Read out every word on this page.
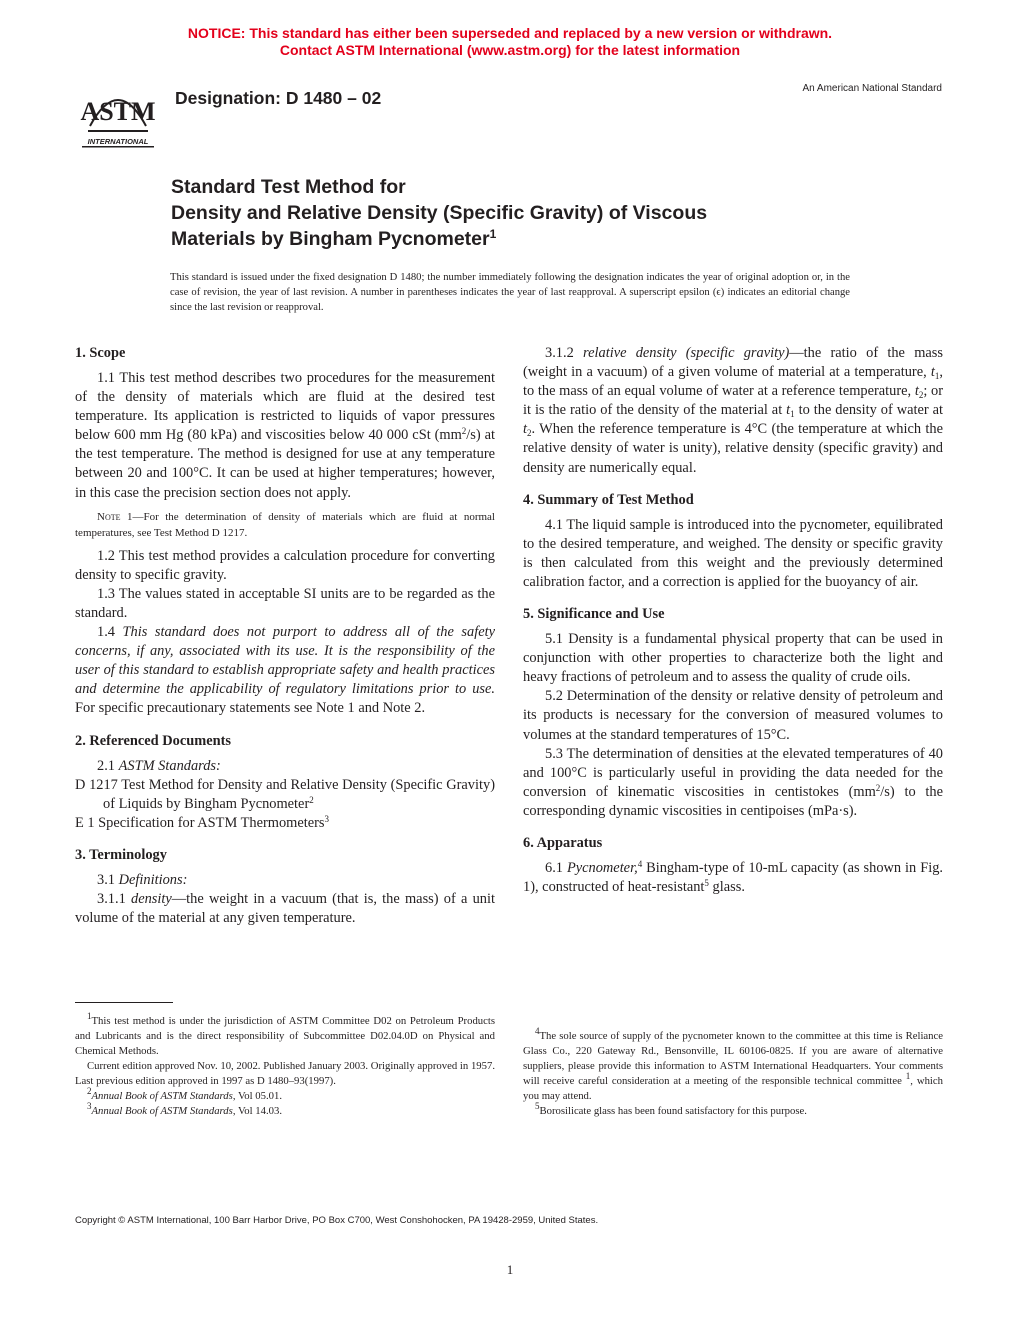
NOTICE: This standard has either been superseded and replaced by a new version or withdrawn.
Contact ASTM International (www.astm.org) for the latest information
ASTM
INTERNATIONAL
Designation: D 1480 – 02	An American National Standard
Standard Test Method for
Density and Relative Density (Specific Gravity) of Viscous
Materials by Bingham Pycnometer$^1$
This standard is issued under the fixed designation D 1480; the number immediately following the designation indicates the year of original adoption or, in the case of revision, the year of last revision. A number in parentheses indicates the year of last reapproval. A superscript epsilon (ϵ) indicates an editorial change since the last revision or reapproval.
1. Scope

1.1 This test method describes two procedures for the measurement of the density of materials which are fluid at the desired test temperature. Its application is restricted to liquids of vapor pressures below 600 mm Hg (80 kPa) and viscosities below 40 000 cSt $(mm^2/s)$ at the test temperature. The method is designed for use at any temperature between 20 and 100°C. It can be used at higher temperatures; however, in this case the precision section does not apply.

Note 1—For the determination of density of materials which are fluid at normal temperatures, see Test Method D 1217.

1.2 This test method provides a calculation procedure for converting density to specific gravity.

1.3 The values stated in acceptable SI units are to be regarded as the standard.

1.4 This standard does not purport to address all of the safety concerns, if any, associated with its use. It is the responsibility of the user of this standard to establish appropriate safety and health practices and determine the applicability of regulatory limitations prior to use. For specific precautionary statements see Note 1 and Note 2.

2. Referenced Documents

2.1 ASTM Standards:

D 1217 Test Method for Density and Relative Density (Specific Gravity) of Liquids by Bingham Pycnometer$^2$

E 1 Specification for ASTM Thermometers$^3$

3. Terminology

3.1 Definitions:

3.1.1 density—the weight in a vacuum (that is, the mass) of a unit volume of the material at any given temperature.

3.1.2 relative density (specific gravity)—the ratio of the mass (weight in a vacuum) of a given volume of material at a temperature, $t_1$, to the mass of an equal volume of water at a reference temperature, $t_2$; or it is the ratio of the density of the material at $t_1$ to the density of water at $t_2$. When the reference temperature is 4°C (the temperature at which the relative density of water is unity), relative density (specific gravity) and density are numerically equal.

4. Summary of Test Method

4.1 The liquid sample is introduced into the pycnometer, equilibrated to the desired temperature, and weighed. The density or specific gravity is then calculated from this weight and the previously determined calibration factor, and a correction is applied for the buoyancy of air.

5. Significance and Use

5.1 Density is a fundamental physical property that can be used in conjunction with other properties to characterize both the light and heavy fractions of petroleum and to assess the quality of crude oils.

5.2 Determination of the density or relative density of petroleum and its products is necessary for the conversion of measured volumes to volumes at the standard temperatures of 15°C.

5.3 The determination of densities at the elevated temperatures of 40 and 100°C is particularly useful in providing the data needed for the conversion of kinematic viscosities in centistokes $(mm^2/s)$ to the corresponding dynamic viscosities in centipoises (mPa·s).

6. Apparatus

6.1 Pycnometer,$^4$ Bingham-type of 10-mL capacity (as shown in Fig. 1), constructed of heat-resistant$^5$ glass.

$^1$This test method is under the jurisdiction of ASTM Committee D02 on Petroleum Products and Lubricants and is the direct responsibility of Subcommittee D02.04.0D on Physical and Chemical Methods.

Current edition approved Nov. 10, 2002. Published January 2003. Originally approved in 1957. Last previous edition approved in 1997 as D 1480–93(1997).

$^2$Annual Book of ASTM Standards, Vol 05.01.

$^3$Annual Book of ASTM Standards, Vol 14.03.

$^4$The sole source of supply of the pycnometer known to the committee at this time is Reliance Glass Co., 220 Gateway Rd., Bensonville, IL 60106-0825. If you are aware of alternative suppliers, please provide this information to ASTM International Headquarters. Your comments will receive careful consideration at a meeting of the responsible technical committee $^1$, which you may attend.

$^5$Borosilicate glass has been found satisfactory for this purpose.

Copyright © ASTM International, 100 Barr Harbor Drive, PO Box C700, West Conshohocken, PA 19428-2959, United States.
1
